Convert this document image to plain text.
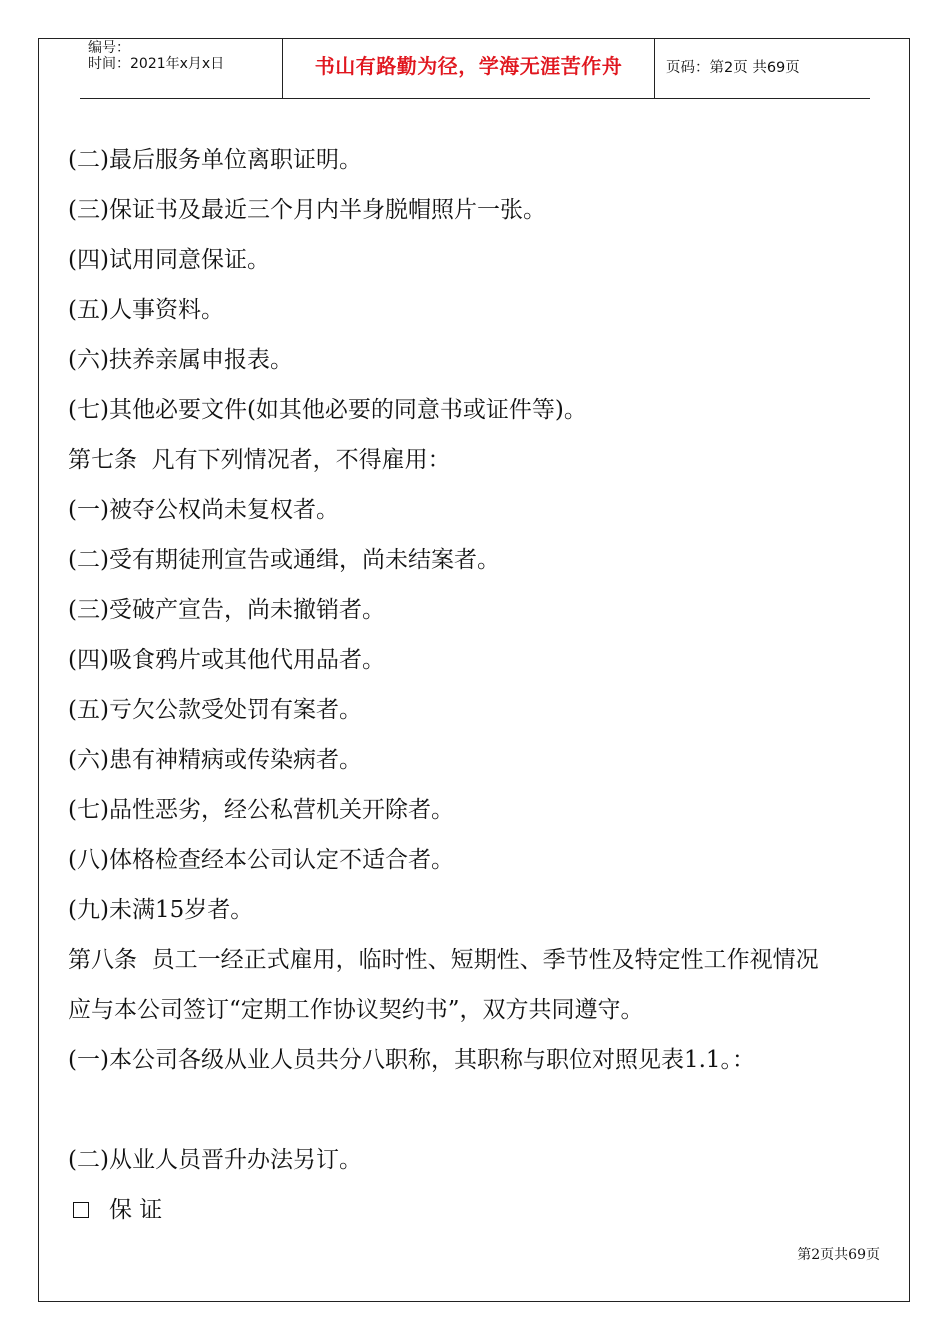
编号：
时间：2021年x月x日	书山有路勤为径，学海无涯苦作舟	页码：第2页 共69页

(二)最后服务单位离职证明。

(三)保证书及最近三个月内半身脱帽照片一张。

(四)试用同意保证。

(五)人事资料。

(六)扶养亲属申报表。

(七)其他必要文件(如其他必要的同意书或证件等)。

第七条  凡有下列情况者，不得雇用：

(一)被夺公权尚未复权者。

(二)受有期徒刑宣告或通缉，尚未结案者。

(三)受破产宣告，尚未撤销者。

(四)吸食鸦片或其他代用品者。

(五)亏欠公款受处罚有案者。

(六)患有神精病或传染病者。

(七)品性恶劣，经公私营机关开除者。

(八)体格检查经本公司认定不适合者。

(九)未满15岁者。

第八条  员工一经正式雇用，临时性、短期性、季节性及特定性工作视情况

应与本公司签订“定期工作协议契约书”，双方共同遵守。

(一)本公司各级从业人员共分八职称，其职称与职位对照见表1.1。：

(二)从业人员晋升办法另订。

保 证
第2页共69页
